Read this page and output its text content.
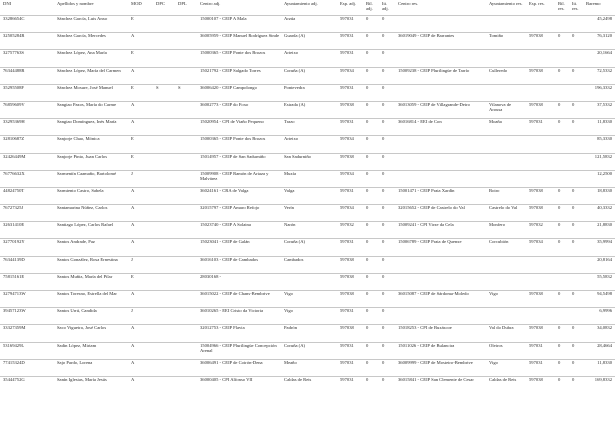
DNI	Apellidos y nombre	MOD	DPC	DPL	Centro adj.	Ayuntamiento adj.	Esp. adj.	Bil. adj.	Iti. adj.	Centro res.	Ayuntamiento res.	Esp. res.	Bil. res.	Iti. res.	Baremo
33286654C	Sánchez García, Luis Anxo	E			15000107 - CEIP A Mala	Arzúa	597031	0	0						45,2498
32505284R	Sánchez García, Mercedes	A			36005959 - CEIP Manuel Rodríguez Sinde	Guarda (A)	597031	0	0	36019049 - CEIP de Barrantes	Tomiño	597038	0	0	76,3120
32757763S	Sánchez López, Ana María	E			15000365 - CEIP Ponte dos Brozos	Arteixo	597031	0	0						20,1664
76344488R	Sánchez López, María del Carmen	A			15021792 - CEIP Salgado Torres	Coruña (A)	597034	0	0	15009238 - CEIP Plurilingüe de Tarrío	Culleredo	597038	0	0	72,5332
35295508F	Sánchez Mosure, José Manuel	E	S	S	36006420 - CEIP Campolongo	Pontevedra	597031	0	0						196,3332
76859609V	Sangiao Pazos, María do Carme	A			36002773 - CEIP do Foxo	Estrada (A)	597038	0	0	36013059 - CEIP de Villagrande-Deiro	Vilanova de Arousa	597038	0	0	37,5332
33295369H	Sangiao Domínguez, Inés María	A			15020954 - CPI de Viaño Pequeno	Trazo	597031	0	0	36016814 - EEI de Con	Moaña	597031	0	0	11,8330
32810687Z	Sanjorje Chao, Mónica	E			15000365 - CEIP Ponte dos Brozos	Arteixo	597034	0	0						85,3330
32426449M	Sanjorje Pinto, Juan Carlos	E			15014957 - CEIP de San Sadurniño	San Sadurniño	597038	0	0						121,5832
76776632X	Sarmentín Caamaño, Bartolomé	J			15009908 - CEIP Ramón de Artaza y Malvárez	Muxía	597034	0	0						12,2500
44824750T	Sarmiento Castro, Sabela	A			36024161 - CRA de Valga	Valga	597031	0	0	15001471 - CEIP Praia Xardín	Boiro	597038	0	0	18,8330
76727325J	Santamarina Núñez, Carlos	A			32015797 - CEIP Amaro Refojo	Verín	597034	0	0	32015652 - CEIP de Castrelo do Val	Castrelo do Val	597038	0	0	40,3332
32631410E	Santiago López, Carlos Rafael	A			15023740 - CEIP A Solaina	Narón	597032	0	0	15009241 - CPI Virxe da Cela	Monfero	597032	0	0	21,8830
32770192Y	Santos Andrade, Paz	A			15023041 - CEIP de Galán	Coruña (A)	597031	0	0	15006789 - CEIP Praia de Quenxe	Corcubión	597034	0	0	35,9994
76344139D	Santos González, Rosa Ernestina	J			36016103 - CEIP de Cambados	Cambados	597038	0	0						20,8164
75815161E	Santos Muñiz, María del Pilar	E			28030168 -		597038	0	0						55,5832
32794713W	Santos Toresno, Estrella del Mar	A			36015022 - CEIP de Chans-Bembrive	Vigo	597038	0	0	36015087 - CEIP de Sárdoma-Moledo	Vigo	597038	0	0	94,5498
39457123W	Santos Urrú, Candida	J			36010265 - EEI Cristo da Victoria	Vigo	597031	0	0						6,9996
33327359M	Saco Vigueira, José Carlos	A			32012753 - CEIP Flavia	Padrón	597038	0	0	15018253 - CPI de Buxáscoe	Val do Dubra	597038	0	0	34,0832
53169429L	Sadin López, Miriam	A			15004966 - CEIP Plurilingüe Concepción Arenal	Coruña (A)	597031	0	0	15011026 - CEIP de Bulancira	Oleiros	597031	0	0	28,4664
77415324D	Sajo Pardo, Lorena	A			36006491 - CEIP de Coirón-Dena	Meaño	597031	0	0	36009999 - CEIP de Mosteiro-Bembrive	Vigo	597031	0	0	11,8330
35444752G	Sanín Iglesias, María Jesús	A			36000405 - CPI Alfonso VII	Caldas de Reis	597031	0	0	36015841 - CEIP San Clemente de Cesar	Caldas de Reis	597038	0	0	169,8332
